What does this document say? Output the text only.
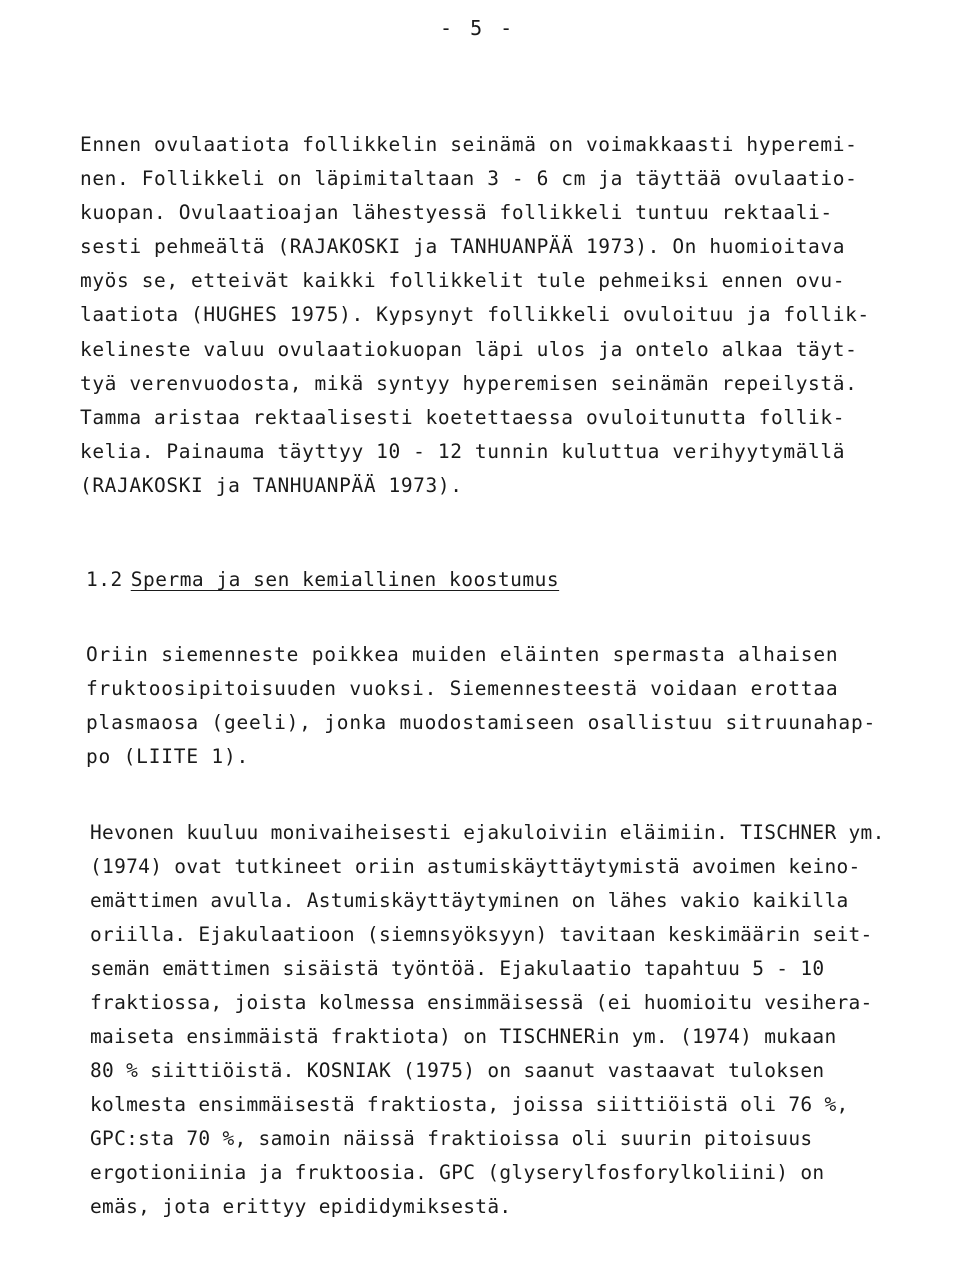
- 5 -

Ennen ovulaatiota follikkelin seinämä on voimakkaasti hyperemi-
nen. Follikkeli on läpimitaltaan 3 - 6 cm ja täyttää ovulaatio-
kuopan. Ovulaatioajan lähestyessä follikkeli tuntuu rektaali-
sesti pehmeältä (RAJAKOSKI ja TANHUANPÄÄ 1973). On huomioitava
myös se, etteivät kaikki follikkelit tule pehmeiksi ennen ovu-
laatiota (HUGHES 1975). Kypsynyt follikkeli ovuloituu ja follik-
kelineste valuu ovulaatiokuopan läpi ulos ja ontelo alkaa täyt-
tyä verenvuodosta, mikä syntyy hyperemisen seinämän repeilystä.
Tamma aristaa rektaalisesti koetettaessa ovuloitunutta follik-
kelia. Painauma täyttyy 10 - 12 tunnin kuluttua verihyytymällä
(RAJAKOSKI ja TANHUANPÄÄ 1973).

1.2 Sperma ja sen kemiallinen koostumus

Oriin siemenneste poikkea muiden eläinten spermasta alhaisen
fruktoosipitoisuuden vuoksi. Siemennesteestä voidaan erottaa
plasmaosa (geeli), jonka muodostamiseen osallistuu sitruunahap-
po (LIITE 1).

Hevonen kuuluu monivaiheisesti ejakuloiviin eläimiin. TISCHNER ym.
(1974) ovat tutkineet oriin astumiskäyttäytymistä avoimen keino-
emättimen avulla. Astumiskäyttäytyminen on lähes vakio kaikilla
oriilla. Ejakulaatioon (siemnsyöksyyn) tavitaan keskimäärin seit-
semän emättimen sisäistä työntöä. Ejakulaatio tapahtuu 5 - 10
fraktiossa, joista kolmessa ensimmäisessä (ei huomioitu vesihera-
maiseta ensimmäistä fraktiota) on TISCHNERin ym. (1974) mukaan
80 % siittiöistä. KOSNIAK (1975) on saanut vastaavat tuloksen
kolmesta ensimmäisestä fraktiosta, joissa siittiöistä oli 76 %,
GPC:sta 70 %, samoin näissä fraktioissa oli suurin pitoisuus
ergotioniinia ja fruktoosia. GPC (glyserylfosforylkoliini) on
emäs, jota erittyy epididymiksestä.
